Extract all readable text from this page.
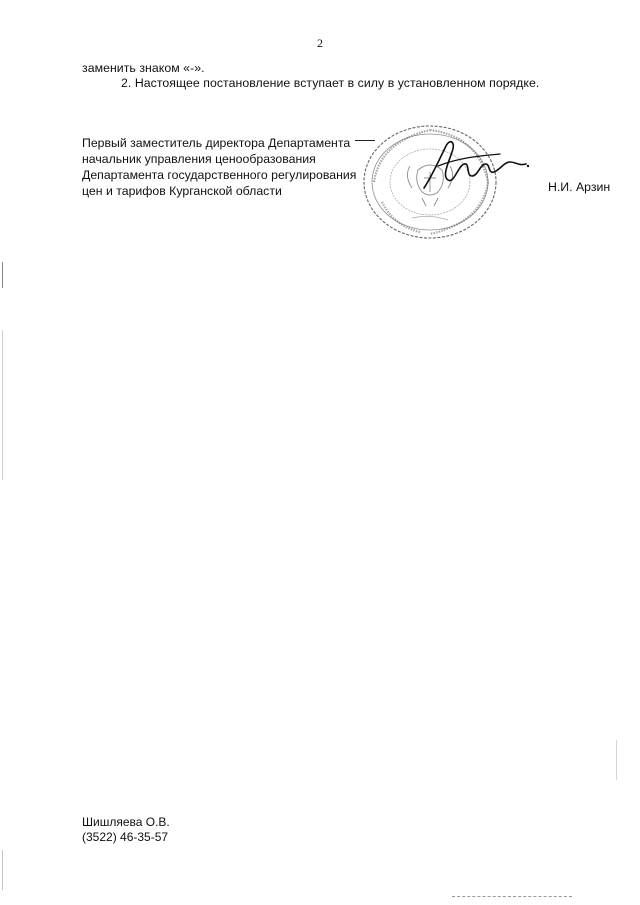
2
заменить знаком «-».
2. Настоящее постановление вступает в силу в установленном порядке.
Первый заместитель директора Департамента
начальник управления ценообразования
Департамента государственного регулирования
цен и тарифов Курганской области	Н.И. Арзин
Шишляева О.В.
(3522) 46-35-57
